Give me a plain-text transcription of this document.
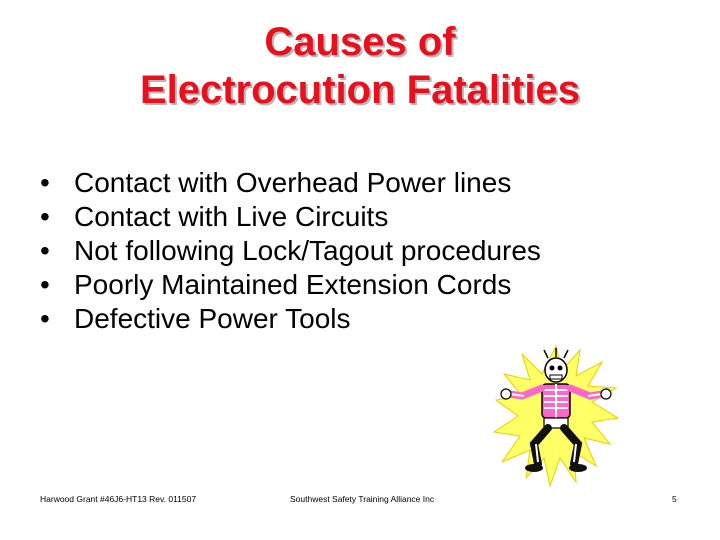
Causes of
Electrocution Fatalities
• Contact with Overhead Power lines
• Contact with Live Circuits
• Not following Lock/Tagout procedures
• Poorly Maintained Extension Cords
• Defective Power Tools
Harwood Grant #46J6-HT13 Rev. 011507	Southwest Safety Training Alliance Inc	5
